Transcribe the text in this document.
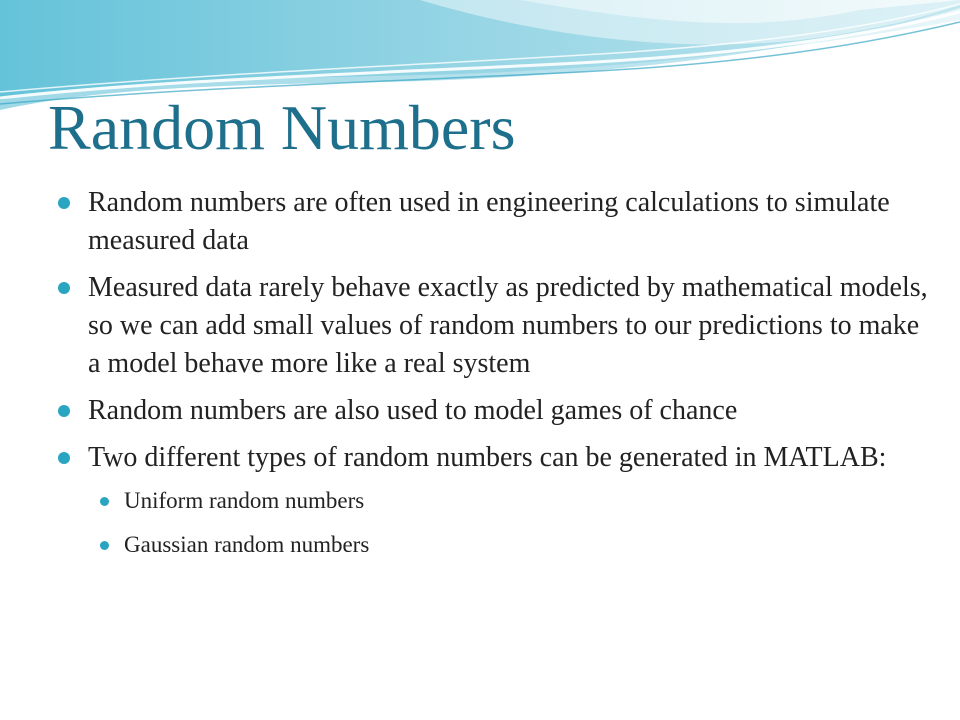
Random Numbers
Random numbers are often used in engineering calculations to simulate measured data
Measured data rarely behave exactly as predicted by mathematical models, so we can add small values of random numbers to our predictions to make a model behave more like a real system
Random numbers are also used to model games of chance
Two different types of random numbers can be generated in MATLAB:
Uniform random numbers
Gaussian random numbers
